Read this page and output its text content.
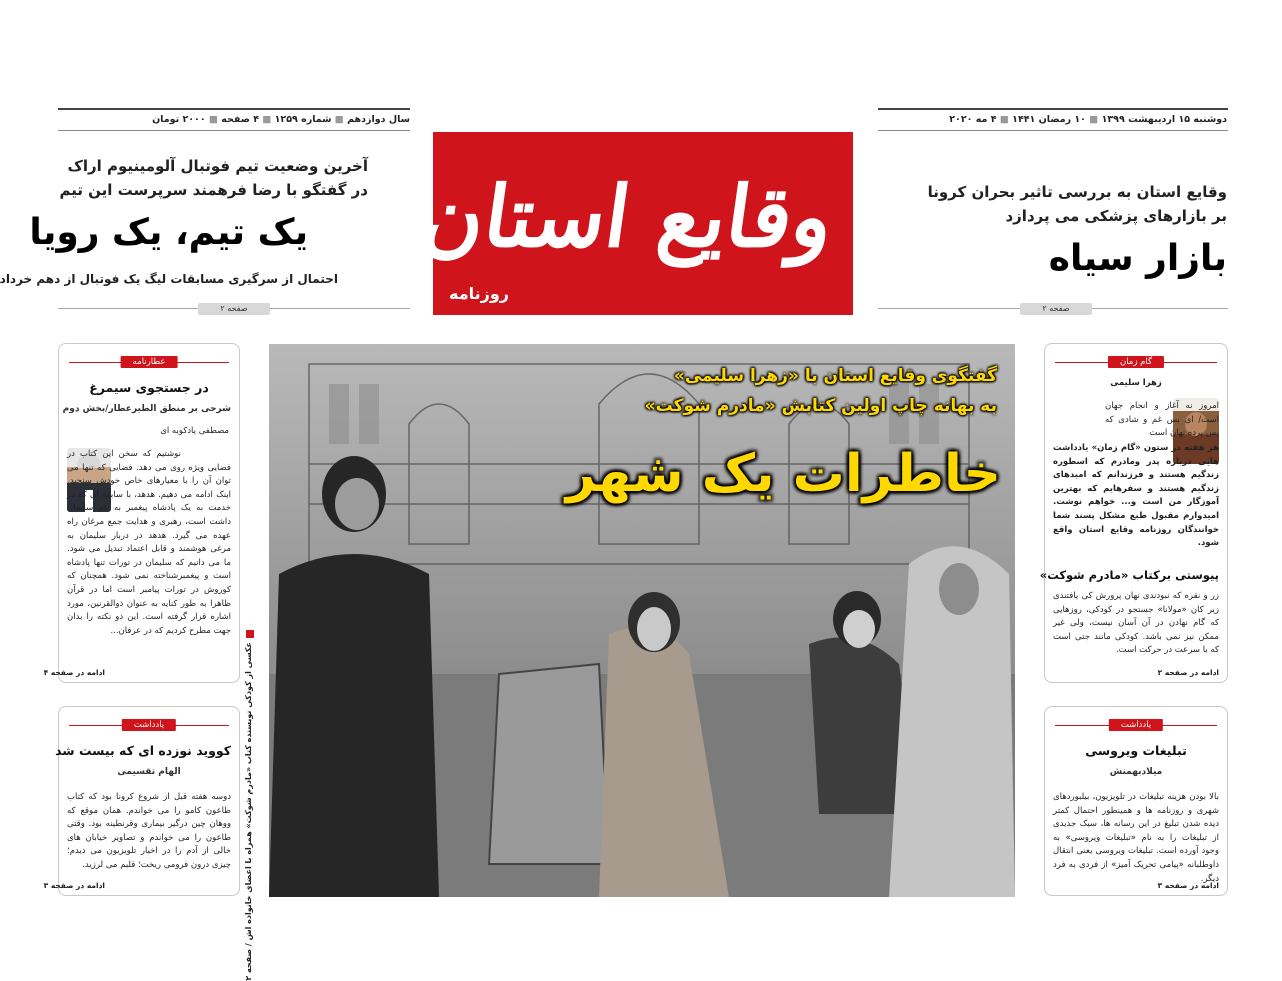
دوشنبه ۱۵ اردیبهشت ۱۳۹۹ ■ ۱۰ رمضان ۱۴۴۱ ■ ۴ مه ۲۰۲۰
سال دوازدهم ■ شماره ۱۲۵۹ ■ ۴ صفحه ■ ۲۰۰۰ تومان
وقایع استان
روزنامه
وقایع استان به بررسی تاثیر بحران کرونا بر بازارهای پزشکی می پردازد
بازار سیاه
صفحه ۲
آخرین وضعیت تیم فوتبال آلومینیوم اراک در گفتگو با رضا فرهمند سرپرست این تیم
یک تیم، یک رویا
احتمال از سرگیری مسابقات لیگ یک فوتبال از دهم خرداد
صفحه ۲
عطارنامه
در جستجوی سیمرغ
شرحی بر منطق الطیرعطار/بخش دوم
مصطفی یادکوبه ای
نوشتیم که سخن این کتاب در فضایی ویژه روی می دهد. فضایی که تنها می توان آن را با معیارهای خاص خودش سنجید. اینک ادامه می دهیم. هدهد، با سابقه ای که در خدمت به یک پادشاه پیغمبر به نام سلیمان داشت است، رهبری و هدایت جمع مرغان راه عهده می گیرد. هدهد در دربار سلیمان به مرغی هوشمند و قابل اعتماد تبدیل می شود. ما می دانیم که سلیمان در تورات تنها پادشاه است و پیغمبرشناخته نمی شود. همچنان که کوروش در تورات پیامبر است اما در قرآن ظاهرا به طور کنایه به عنوان ذوالقرنین، مورد اشاره قرار گرفته است. این دو نکته را بدان جهت مطرح کردیم که در عرفان...
ادامه در صفحه ۴
یادداشت
کووید نوزده ای که بیست شد
الهام تقسیمی
دوسه هفته قبل از شروع کرونا بود که کتاب طاعون کامو را می خواندم. همان موقع که ووهان چین درگیر بیماری وقرنطینه بود. وقتی طاعون را می خواندم و تصاویر خیابان های خالی از آدم را در اخبار تلویزیون می دیدم؛ چیزی درون فرومی ریخت؛ قلبم می لرزید.
ادامه در صفحه ۳
عکسی از کودکی نویسنده کتاب «مادرم شوکت» همراه با اعضای خانواده اش / صفحه ۲
گفتگوی وقایع استان با «زهرا سلیمی»
به بهانه چاپ اولین کتابش «مادرم شوکت»
خاطرات یک شهر
گام زمان
زهرا سلیمی
امروز نه آغاز و انجام جهان است/ ای بس غم و شادی که پس پرده نهان است
هر هفته در ستون «گام زمان» یادداشت هایی درباره پدر ومادرم که اسطوره زندگیم هستند و فرزندانم که امیدهای زندگیم هستند و سفرهایم که بهترین آموزگار من است و... خواهم نوشت. امیدوارم مقبول طبع مشکل پسند شما خوانندگان روزنامه وقایع استان واقع شود.
پیوستی برکتاب «مادرم شوکت»
زر و نقره که نبودندی نهان پرورش کی یافتندی زیر کان «مولانا» جستجو در کودکی، روزهایی که گام نهادن در آن آسان نیست، ولی غیر ممکن نیز نمی باشد. کودکی مانند جتی است که با سرعت در حرکت است.
ادامه در صفحه ۲
یادداشت
تبلیغات ویروسی
میلادبهمنش
بالا بودن هزینه تبلیغات در تلویزیون، بیلبوردهای شهری و روزنامه ها و همینطور احتمال کمتر دیده شدن تبلیغ در این رسانه ها، سبک جدیدی از تبلیغات را به نام «تبلیغات ویروسی» به وجود آورده است. تبلیغات ویروسی یعنی انتقال داوطلبانه «پیامی تحریک آمیز» از فردی به فرد دیگر.
ادامه در صفحه ۳
